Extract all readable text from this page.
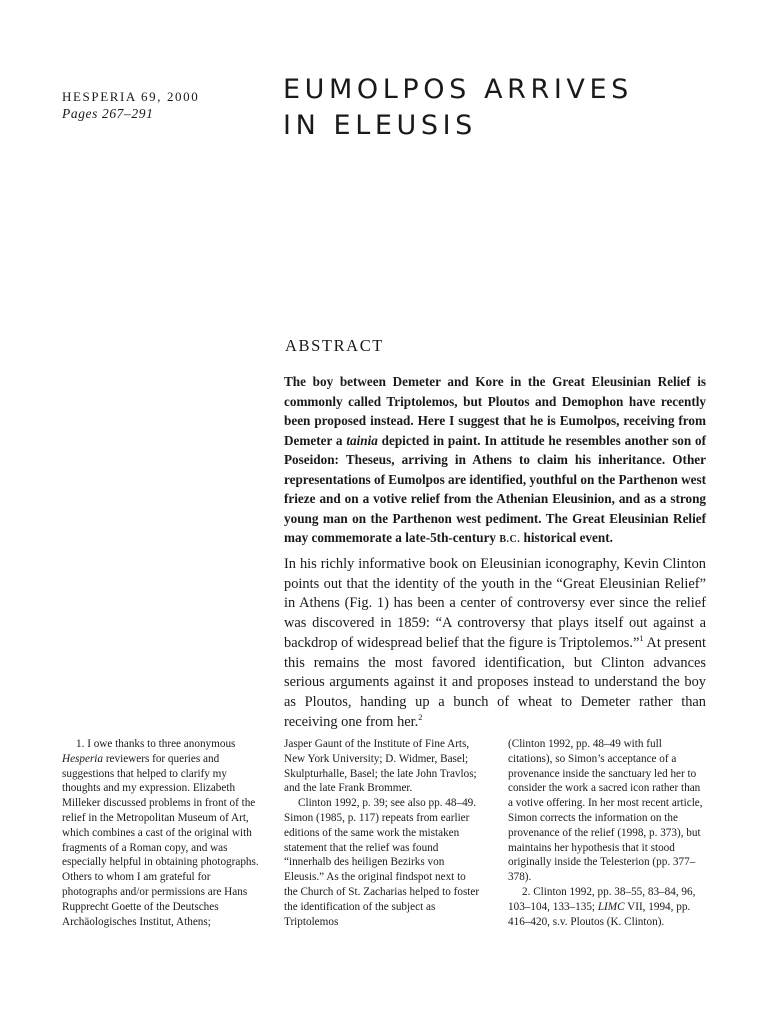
HESPERIA 69, 2000
Pages 267–291
EUMOLPOS ARRIVES
IN ELEUSIS
ABSTRACT

The boy between Demeter and Kore in the Great Eleusinian Relief is commonly called Triptolemos, but Ploutos and Demophon have recently been proposed instead. Here I suggest that he is Eumolpos, receiving from Demeter a tainia depicted in paint. In attitude he resembles another son of Poseidon: Theseus, arriving in Athens to claim his inheritance. Other representations of Eumolpos are identified, youthful on the Parthenon west frieze and on a votive relief from the Athenian Eleusinion, and as a strong young man on the Parthenon west pediment. The Great Eleusinian Relief may commemorate a late-5th-century B.C. historical event.

In his richly informative book on Eleusinian iconography, Kevin Clinton points out that the identity of the youth in the “Great Eleusinian Relief” in Athens (Fig. 1) has been a center of controversy ever since the relief was discovered in 1859: “A controversy that plays itself out against a backdrop of widespread belief that the figure is Triptolemos.”$^1$ At present this remains the most favored identification, but Clinton advances serious arguments against it and proposes instead to understand the boy as Ploutos, handing up a bunch of wheat to Demeter rather than receiving one from her.$^2$

1. I owe thanks to three anonymous Hesperia reviewers for queries and suggestions that helped to clarify my thoughts and my expression. Elizabeth Milleker discussed problems in front of the relief in the Metropolitan Museum of Art, which combines a cast of the original with fragments of a Roman copy, and was especially helpful in obtaining photographs. Others to whom I am grateful for photographs and/or permissions are Hans Rupprecht Goette of the Deutsches Archäologisches Institut, Athens;

Jasper Gaunt of the Institute of Fine Arts, New York University; D. Widmer, Basel; Skulpturhalle, Basel; the late John Travlos; and the late Frank Brommer.

Clinton 1992, p. 39; see also pp. 48–49. Simon (1985, p. 117) repeats from earlier editions of the same work the mistaken statement that the relief was found “innerhalb des heiligen Bezirks von Eleusis.” As the original findspot next to the Church of St. Zacharias helped to foster the identification of the subject as Triptolemos

(Clinton 1992, pp. 48–49 with full citations), so Simon’s acceptance of a provenance inside the sanctuary led her to consider the work a sacred icon rather than a votive offering. In her most recent article, Simon corrects the information on the provenance of the relief (1998, p. 373), but maintains her hypothesis that it stood originally inside the Telesterion (pp. 377–378).

2. Clinton 1992, pp. 38–55, 83–84, 96, 103–104, 133–135; LIMC VII, 1994, pp. 416–420, s.v. Ploutos (K. Clinton).
